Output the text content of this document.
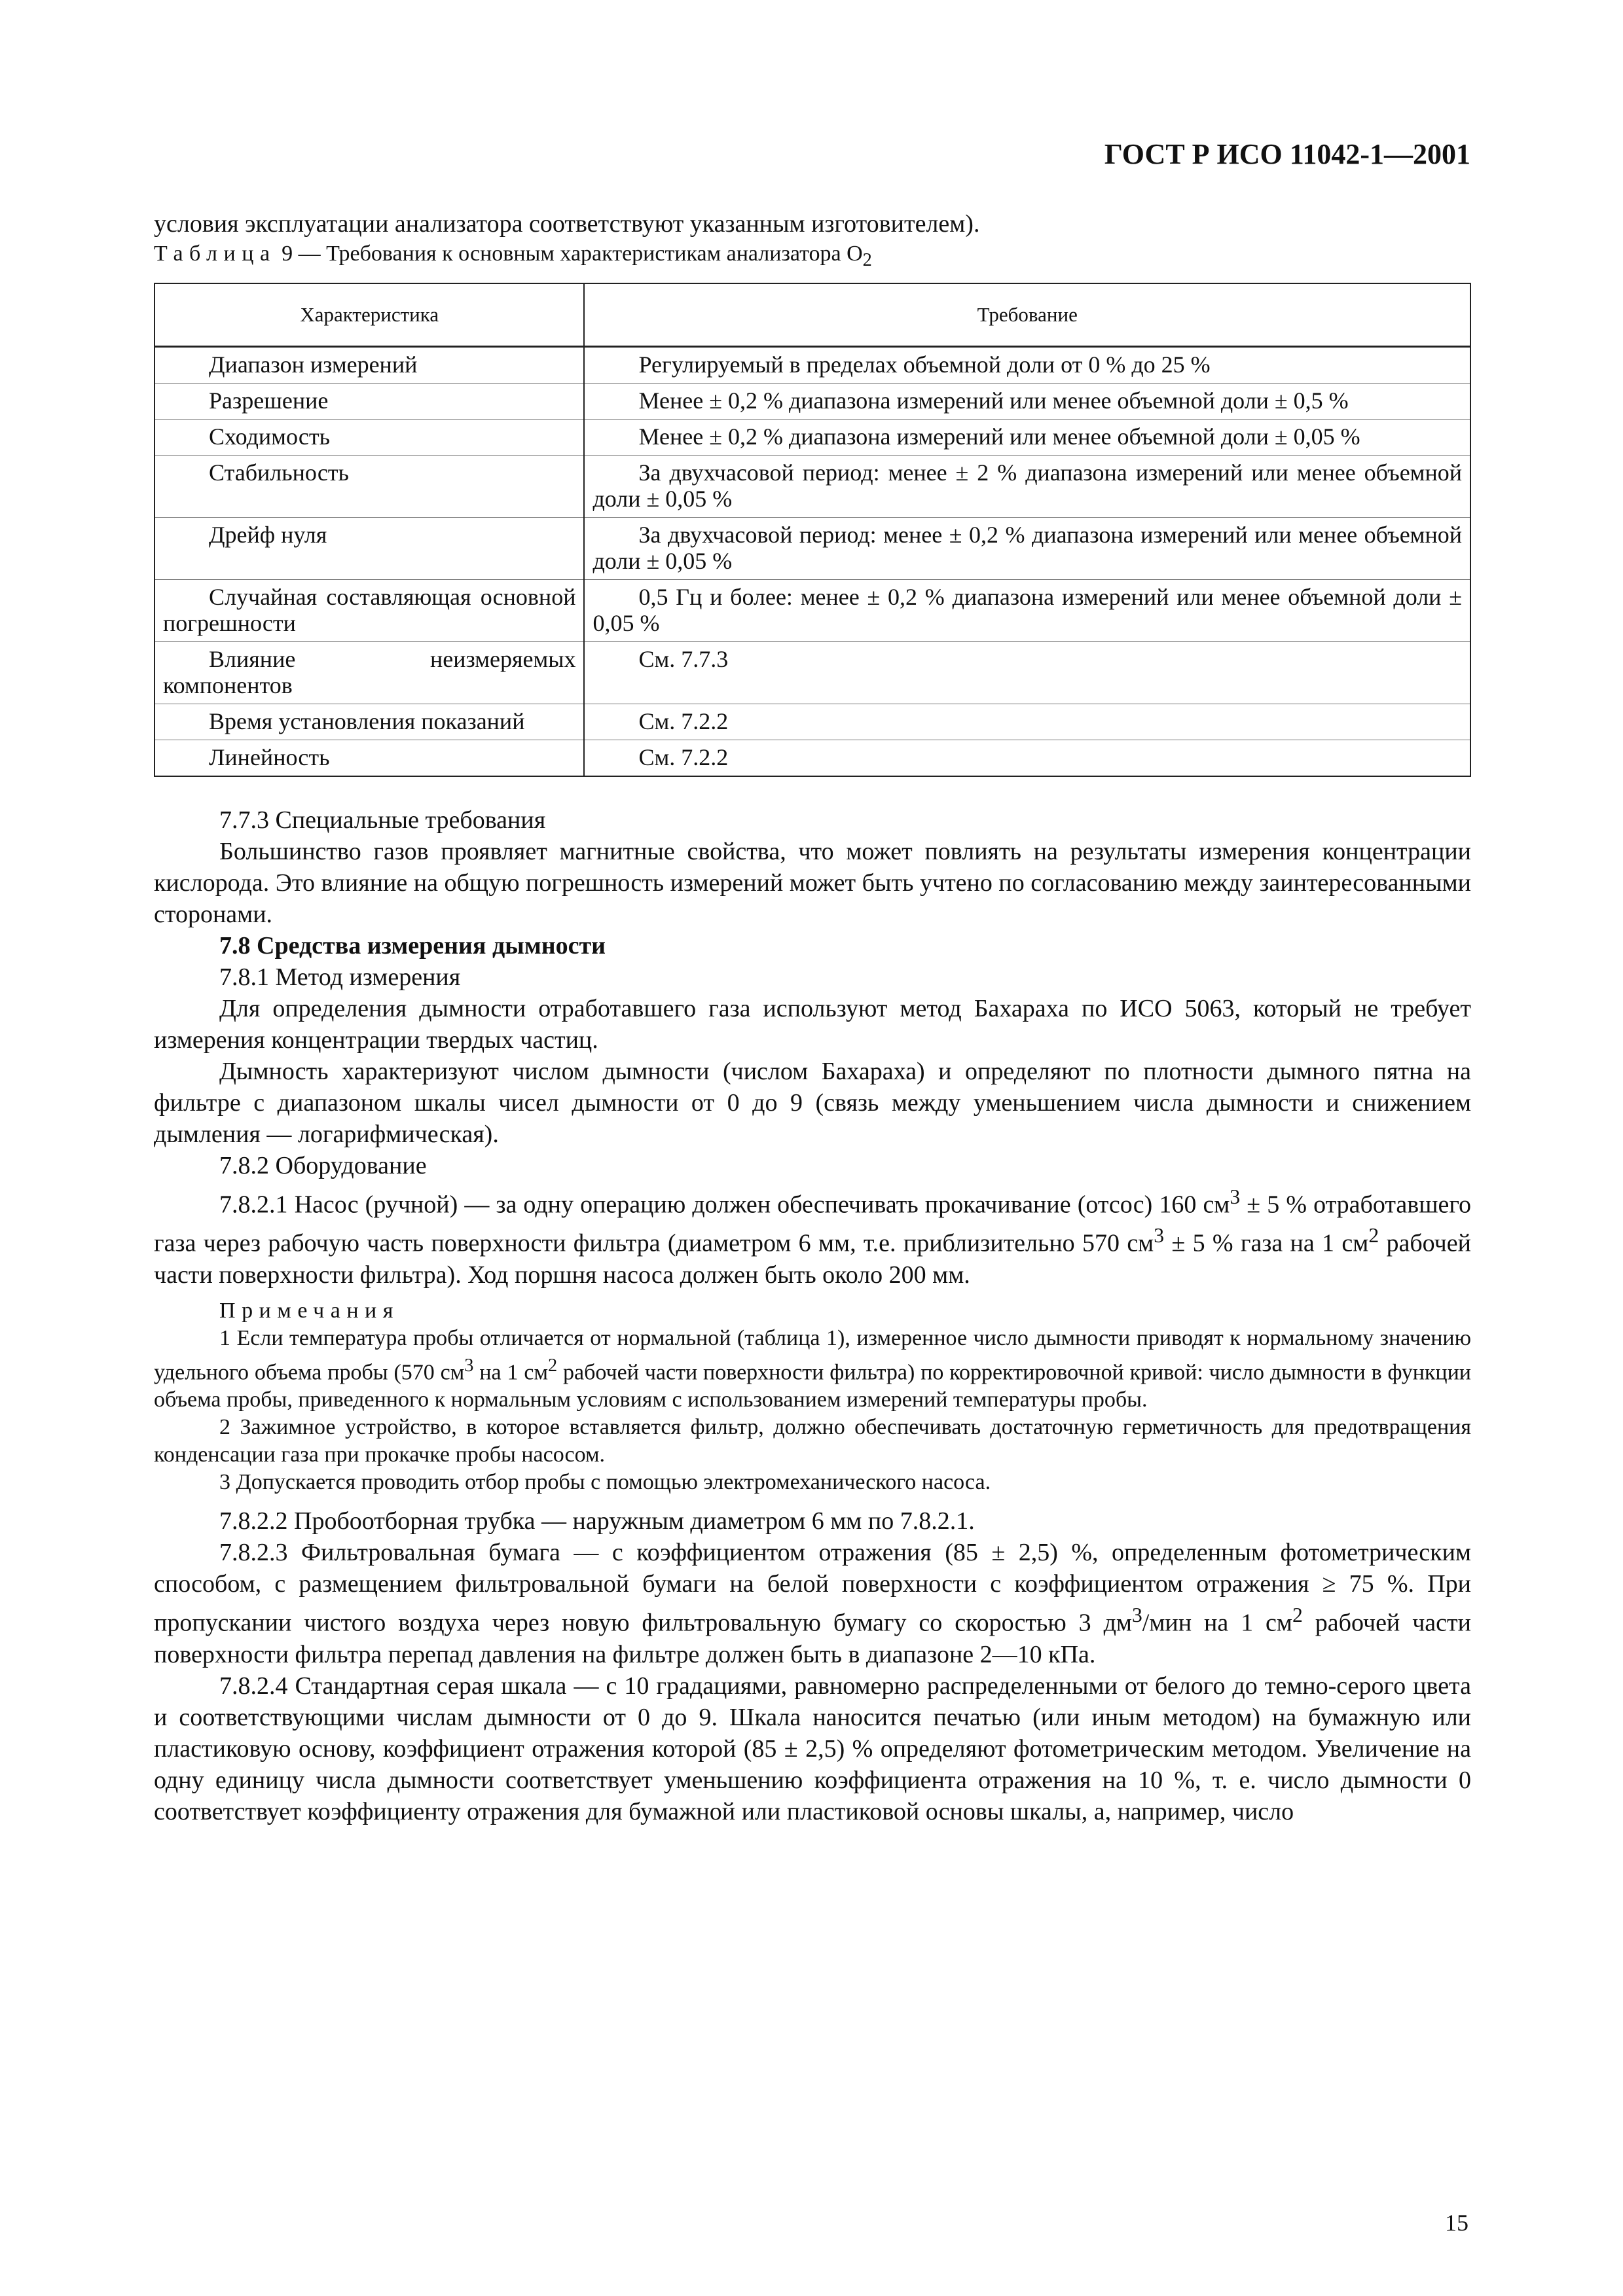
ГОСТ Р ИСО 11042-1—2001

условия эксплуатации анализатора соответствуют указанным изготовителем).

Таблица 9 — Требования к основным характеристикам анализатора $O_2$

Характеристика	Требование

Диапазон измерений	Регулируемый в пределах объемной доли от 0 % до 25 %

Разрешение	Менее ± 0,2 % диапазона измерений или менее объемной доли ± 0,5 %

Сходимость	Менее ± 0,2 % диапазона измерений или менее объемной доли ± 0,05 %

Стабильность	За двухчасовой период: менее ± 2 % диапазона измерений или менее объемной доли ± 0,05 %

Дрейф нуля	За двухчасовой период: менее ± 0,2 % диапазона измерений или менее объемной доли ± 0,05 %

Случайная составляющая основной погрешности	0,5 Гц и более: менее ± 0,2 % диапазона измерений или менее объемной доли ± 0,05 %

Влияние неизмеряемых компонентов	См. 7.7.3

Время установления показаний	См. 7.2.2

Линейность	См. 7.2.2

7.7.3 Специальные требования

Большинство газов проявляет магнитные свойства, что может повлиять на результаты измерения концентрации кислорода. Это влияние на общую погрешность измерений может быть учтено по согласованию между заинтересованными сторонами.

7.8 Средства измерения дымности

7.8.1 Метод измерения

Для определения дымности отработавшего газа используют метод Бахараха по ИСО 5063, который не требует измерения концентрации твердых частиц.

Дымность характеризуют числом дымности (числом Бахараха) и определяют по плотности дымного пятна на фильтре с диапазоном шкалы чисел дымности от 0 до 9 (связь между уменьшением числа дымности и снижением дымления — логарифмическая).

7.8.2 Оборудование

7.8.2.1 Насос (ручной) — за одну операцию должен обеспечивать прокачивание (отсос) 160 $см^3 \pm 5$ % отработавшего газа через рабочую часть поверхности фильтра (диаметром 6 мм, т.е. приблизительно 570 $см^3 \pm 5$ % газа на 1 $см^2$ рабочей части поверхности фильтра). Ход поршня насоса должен быть около 200 мм.

Примечания

1 Если температура пробы отличается от нормальной (таблица 1), измеренное число дымности приводят к нормальному значению удельного объема пробы (570 $см^3$ на 1 $см^2$ рабочей части поверхности фильтра) по корректировочной кривой: число дымности в функции объема пробы, приведенного к нормальным условиям с использованием измерений температуры пробы.

2 Зажимное устройство, в которое вставляется фильтр, должно обеспечивать достаточную герметичность для предотвращения конденсации газа при прокачке пробы насосом.

3 Допускается проводить отбор пробы с помощью электромеханического насоса.

7.8.2.2 Пробоотборная трубка — наружным диаметром 6 мм по 7.8.2.1.

7.8.2.3 Фильтровальная бумага — с коэффициентом отражения (85 ± 2,5) %, определенным фотометрическим способом, с размещением фильтровальной бумаги на белой поверхности с коэффициентом отражения ≥ 75 %. При пропускании чистого воздуха через новую фильтровальную бумагу со скоростью 3 $дм^3$/мин на 1 $см^2$ рабочей части поверхности фильтра перепад давления на фильтре должен быть в диапазоне 2—10 кПа.

7.8.2.4 Стандартная серая шкала — с 10 градациями, равномерно распределенными от белого до темно-серого цвета и соответствующими числам дымности от 0 до 9. Шкала наносится печатью (или иным методом) на бумажную или пластиковую основу, коэффициент отражения которой (85 ± 2,5) % определяют фотометрическим методом. Увеличение на одну единицу числа дымности соответствует уменьшению коэффициента отражения на 10 %, т. е. число дымности 0 соответствует коэффициенту отражения для бумажной или пластиковой основы шкалы, а, например, число

15
